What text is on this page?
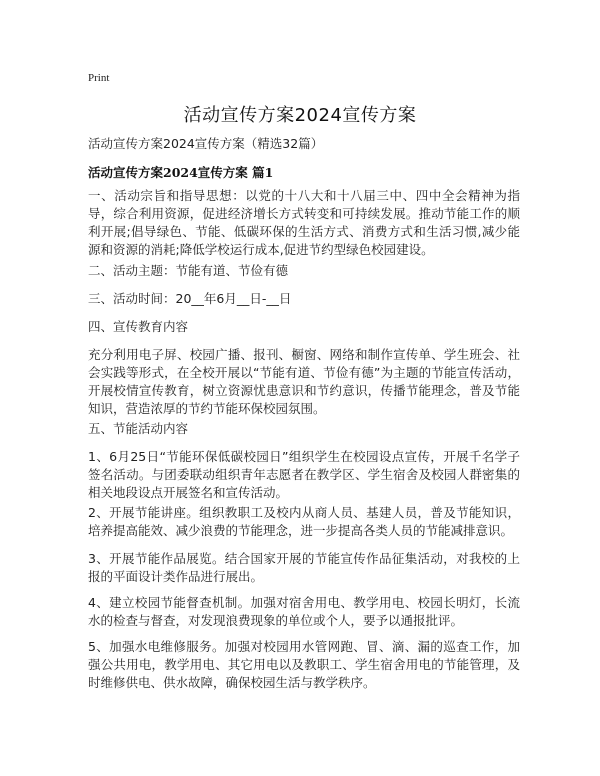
Print
活动宣传方案2024宣传方案
活动宣传方案2024宣传方案（精选32篇）
活动宣传方案2024宣传方案 篇1
一、活动宗旨和指导思想：以党的十八大和十八届三中、四中全会精神为指导，综合利用资源，促进经济增长方式转变和可持续发展。推动节能工作的顺利开展;倡导绿色、节能、低碳环保的生活方式、消费方式和生活习惯,减少能源和资源的消耗;降低学校运行成本,促进节约型绿色校园建设。
二、活动主题：节能有道、节俭有德
三、活动时间：20__年6月__日-__日
四、宣传教育内容
充分利用电子屏、校园广播、报刊、橱窗、网络和制作宣传单、学生班会、社会实践等形式，在全校开展以“节能有道、节俭有德”为主题的节能宣传活动，开展校情宣传教育，树立资源忧患意识和节约意识，传播节能理念，普及节能知识，营造浓厚的节约节能环保校园氛围。
五、节能活动内容
1、6月25日“节能环保低碳校园日”组织学生在校园设点宣传，开展千名学子签名活动。与团委联动组织青年志愿者在教学区、学生宿舍及校园人群密集的相关地段设点开展签名和宣传活动。
2、开展节能讲座。组织教职工及校内从商人员、基建人员，普及节能知识，培养提高能效、减少浪费的节能理念，进一步提高各类人员的节能减排意识。
3、开展节能作品展览。结合国家开展的节能宣传作品征集活动，对我校的上报的平面设计类作品进行展出。
4、建立校园节能督查机制。加强对宿舍用电、教学用电、校园长明灯，长流水的检查与督查，对发现浪费现象的单位或个人，要予以通报批评。
5、加强水电维修服务。加强对校园用水管网跑、冒、滴、漏的巡查工作，加强公共用电，教学用电、其它用电以及教职工、学生宿舍用电的节能管理，及时维修供电、供水故障，确保校园生活与教学秩序。
